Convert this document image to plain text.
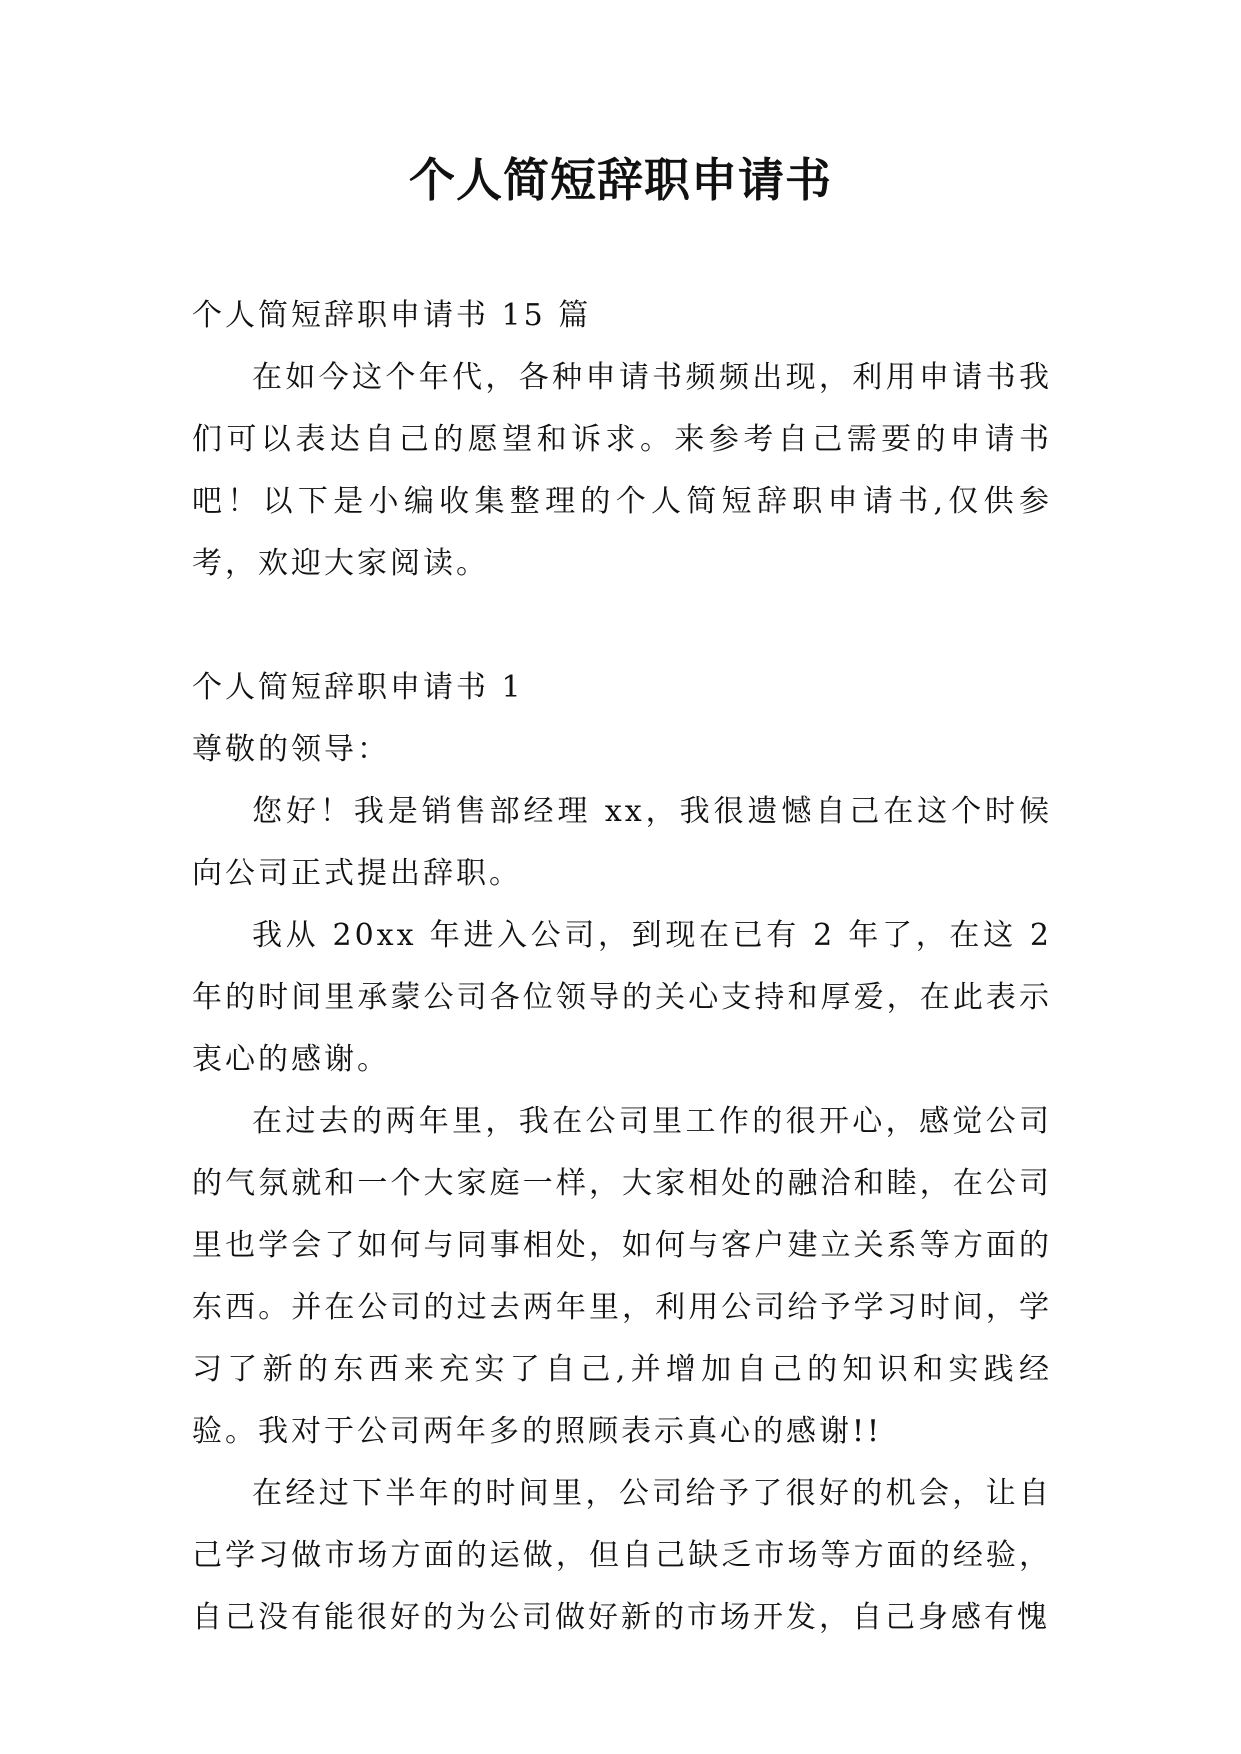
个人简短辞职申请书

个人简短辞职申请书 15 篇

在如今这个年代，各种申请书频频出现，利用申请书我们可以表达自己的愿望和诉求。来参考自己需要的申请书吧！以下是小编收集整理的个人简短辞职申请书,仅供参考，欢迎大家阅读。

个人简短辞职申请书 1

尊敬的领导：

您好！我是销售部经理 xx，我很遗憾自己在这个时候向公司正式提出辞职。

我从 20xx 年进入公司，到现在已有 2 年了，在这 2 年的时间里承蒙公司各位领导的关心支持和厚爱，在此表示衷心的感谢。

在过去的两年里，我在公司里工作的很开心，感觉公司的气氛就和一个大家庭一样，大家相处的融洽和睦，在公司里也学会了如何与同事相处，如何与客户建立关系等方面的东西。并在公司的过去两年里，利用公司给予学习时间，学习了新的东西来充实了自己,并增加自己的知识和实践经验。我对于公司两年多的照顾表示真心的感谢!!

在经过下半年的时间里，公司给予了很好的机会，让自己学习做市场方面的运做，但自己缺乏市场等方面的经验，自己没有能很好的为公司做好新的市场开发，自己身感有愧
